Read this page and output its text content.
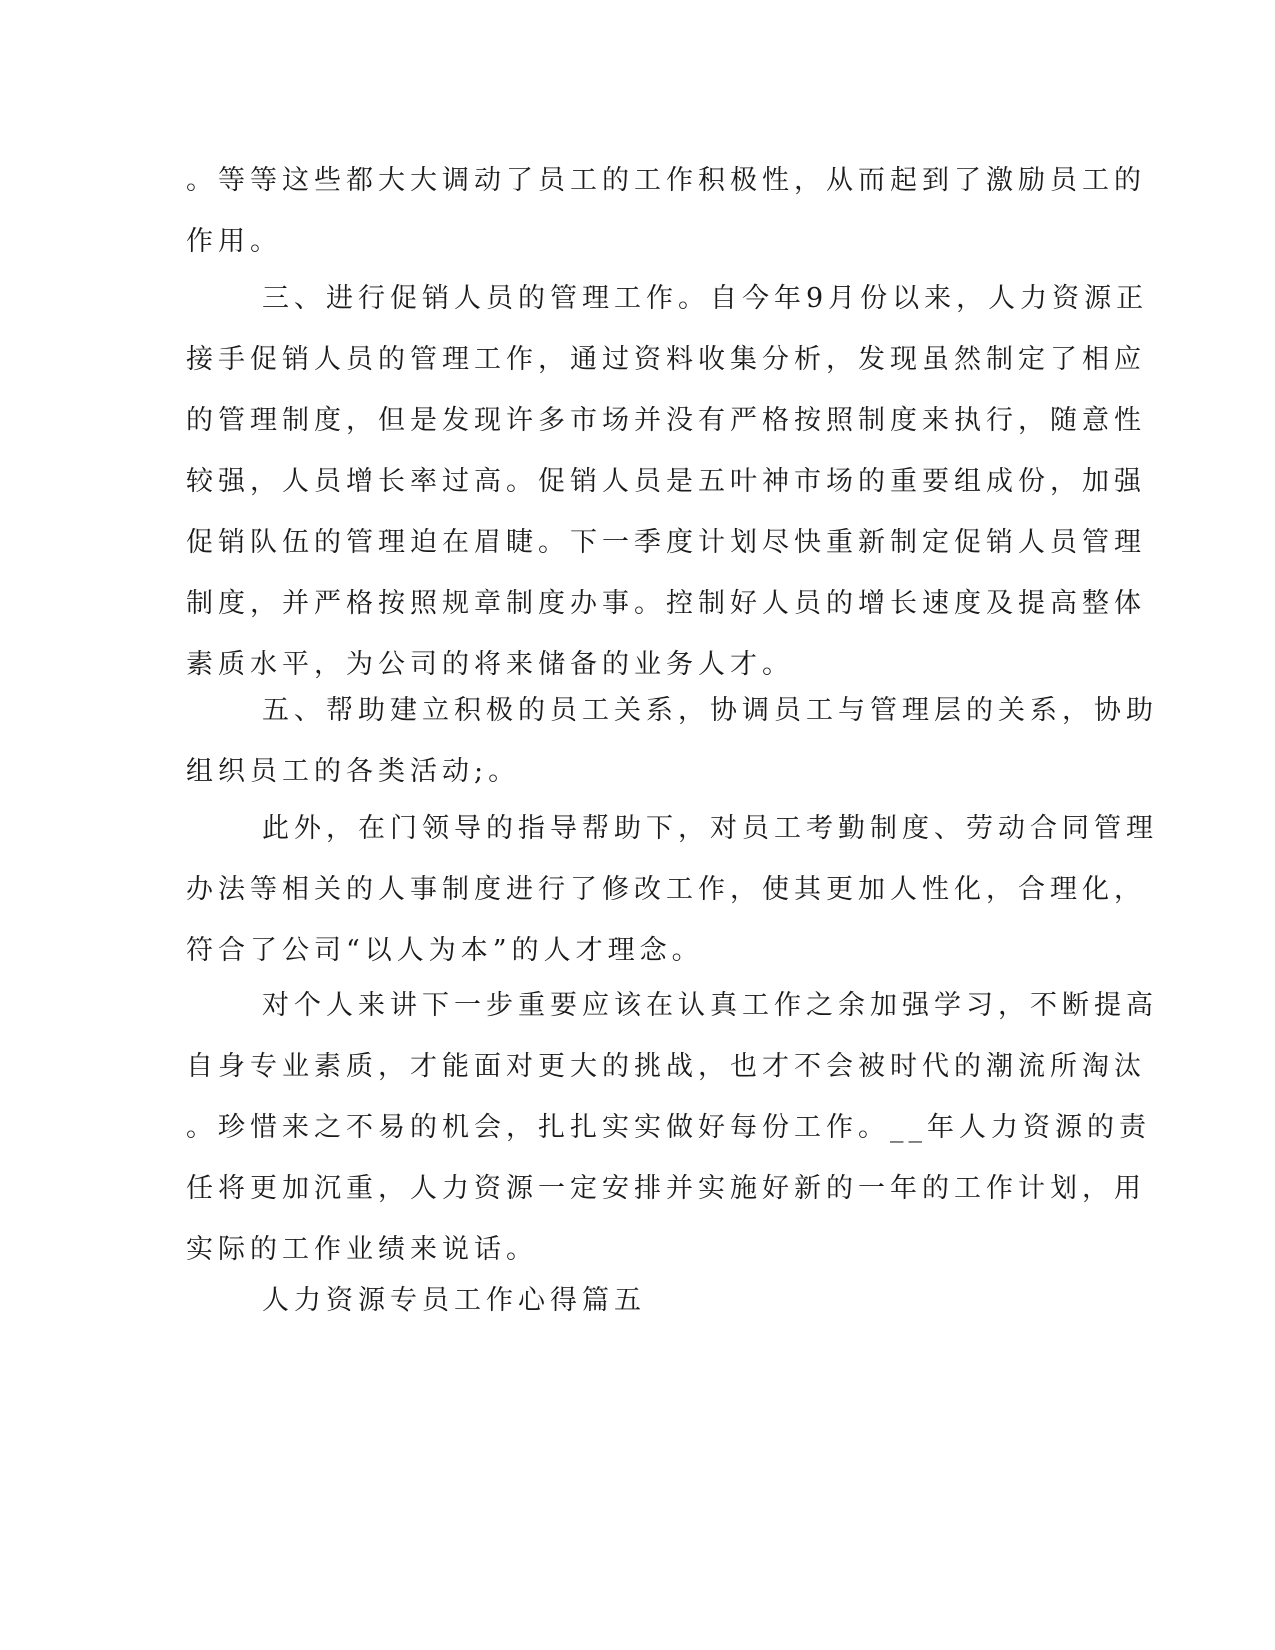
。等等这些都大大调动了员工的工作积极性，从而起到了激励员工的
作用。
三、进行促销人员的管理工作。自今年9月份以来，人力资源正
接手促销人员的管理工作，通过资料收集分析，发现虽然制定了相应
的管理制度，但是发现许多市场并没有严格按照制度来执行，随意性
较强，人员增长率过高。促销人员是五叶神市场的重要组成份，加强
促销队伍的管理迫在眉睫。下一季度计划尽快重新制定促销人员管理
制度，并严格按照规章制度办事。控制好人员的增长速度及提高整体
素质水平，为公司的将来储备的业务人才。
五、帮助建立积极的员工关系，协调员工与管理层的关系，协助
组织员工的各类活动;。
此外，在门领导的指导帮助下，对员工考勤制度、劳动合同管理
办法等相关的人事制度进行了修改工作，使其更加人性化，合理化，
符合了公司“以人为本”的人才理念。
对个人来讲下一步重要应该在认真工作之余加强学习，不断提高
自身专业素质，才能面对更大的挑战，也才不会被时代的潮流所淘汰
。珍惜来之不易的机会，扎扎实实做好每份工作。__年人力资源的责
任将更加沉重，人力资源一定安排并实施好新的一年的工作计划，用
实际的工作业绩来说话。
人力资源专员工作心得篇五
